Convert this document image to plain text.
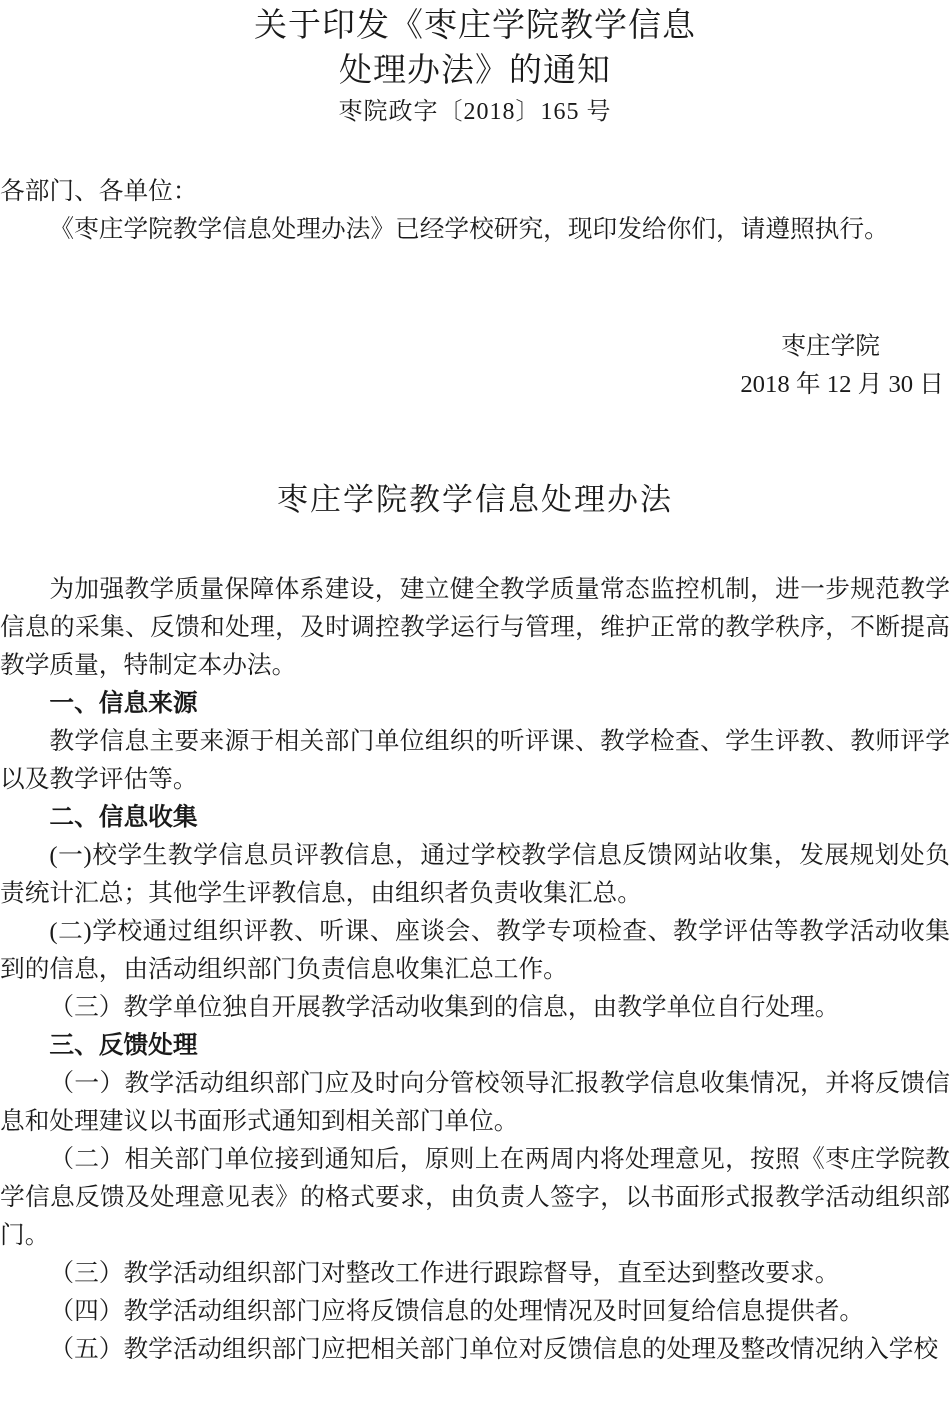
关于印发《枣庄学院教学信息
处理办法》的通知
枣院政字〔2018〕165 号
各部门、各单位：

《枣庄学院教学信息处理办法》已经学校研究，现印发给你们，请遵照执行。

枣庄学院
2018 年 12 月 30 日
枣庄学院教学信息处理办法

为加强教学质量保障体系建设，建立健全教学质量常态监控机制，进一步规范教学信息的采集、反馈和处理，及时调控教学运行与管理，维护正常的教学秩序，不断提高教学质量，特制定本办法。

一、信息来源

教学信息主要来源于相关部门单位组织的听评课、教学检查、学生评教、教师评学以及教学评估等。

二、信息收集

(一)校学生教学信息员评教信息，通过学校教学信息反馈网站收集，发展规划处负责统计汇总；其他学生评教信息，由组织者负责收集汇总。

(二)学校通过组织评教、听课、座谈会、教学专项检查、教学评估等教学活动收集到的信息，由活动组织部门负责信息收集汇总工作。

（三）教学单位独自开展教学活动收集到的信息，由教学单位自行处理。

三、反馈处理

（一）教学活动组织部门应及时向分管校领导汇报教学信息收集情况，并将反馈信息和处理建议以书面形式通知到相关部门单位。

（二）相关部门单位接到通知后，原则上在两周内将处理意见，按照《枣庄学院教学信息反馈及处理意见表》的格式要求，由负责人签字，以书面形式报教学活动组织部门。

（三）教学活动组织部门对整改工作进行跟踪督导，直至达到整改要求。

（四）教学活动组织部门应将反馈信息的处理情况及时回复给信息提供者。

（五）教学活动组织部门应把相关部门单位对反馈信息的处理及整改情况纳入学校
